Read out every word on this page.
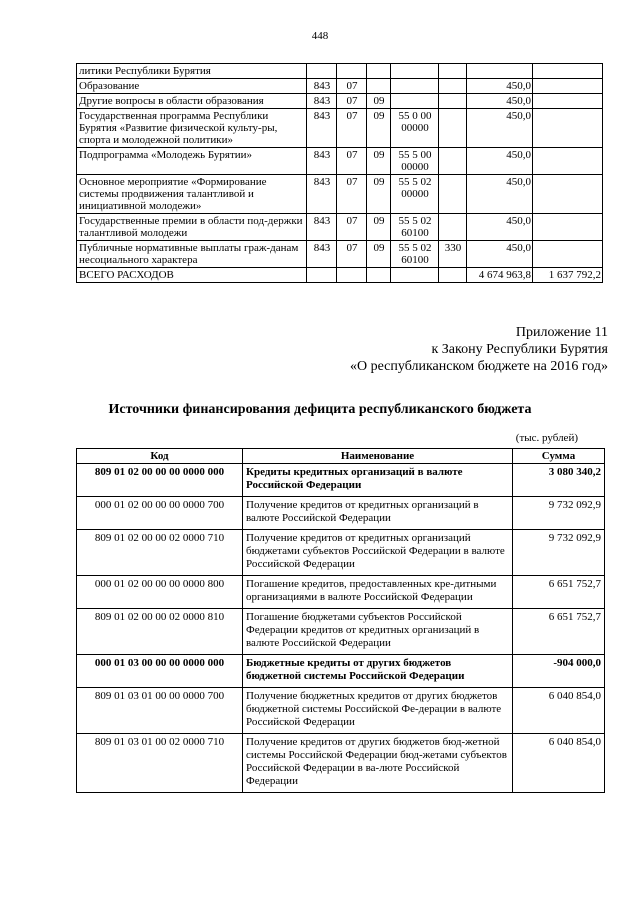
448
литики Республики Бурятия							
Образование	843	07				450,0	
Другие вопросы в области образования	843	07	09			450,0	
Государственная программа Республики Бурятия «Развитие физической культу-ры, спорта и молодежной политики»	843	07	09	55 0 00 00000		450,0	
Подпрограмма «Молодежь Бурятии»	843	07	09	55 5 00 00000		450,0	
Основное мероприятие «Формирование системы продвижения талантливой и инициативной молодежи»	843	07	09	55 5 02 00000		450,0	
Государственные премии в области под-держки талантливой молодежи	843	07	09	55 5 02 60100		450,0	
Публичные нормативные выплаты граж-данам несоциального характера	843	07	09	55 5 02 60100	330	450,0	
ВСЕГО РАСХОДОВ						4 674 963,8	1 637 792,2
Приложение 11
к Закону Республики Бурятия
«О республиканском бюджете на 2016 год»
Источники финансирования дефицита республиканского бюджета
(тыс. рублей)
Код	Наименование	Сумма
809 01 02 00 00 00 0000 000	Кредиты кредитных организаций в валюте Российской Федерации	3 080 340,2
000 01 02 00 00 00 0000 700	Получение кредитов от кредитных организаций в валюте Российской Федерации	9 732 092,9
809 01 02 00 00 02 0000 710	Получение кредитов от кредитных организаций бюджетами субъектов Российской Федерации в валюте Российской Федерации	9 732 092,9
000 01 02 00 00 00 0000 800	Погашение кредитов, предоставленных кре-дитными организациями в валюте Российской Федерации	6 651 752,7
809 01 02 00 00 02 0000 810	Погашение бюджетами субъектов Российской Федерации кредитов от кредитных организаций в валюте Российской Федерации	6 651 752,7
000 01 03 00 00 00 0000 000	Бюджетные кредиты от других бюджетов бюджетной системы Российской Федерации	-904 000,0
809 01 03 01 00 00 0000 700	Получение бюджетных кредитов от других бюджетов бюджетной системы Российской Фе-дерации в валюте Российской Федерации	6 040 854,0
809 01 03 01 00 02 0000 710	Получение кредитов от других бюджетов бюд-жетной системы Российской Федерации бюд-жетами субъектов Российской Федерации в ва-люте Российской Федерации	6 040 854,0
